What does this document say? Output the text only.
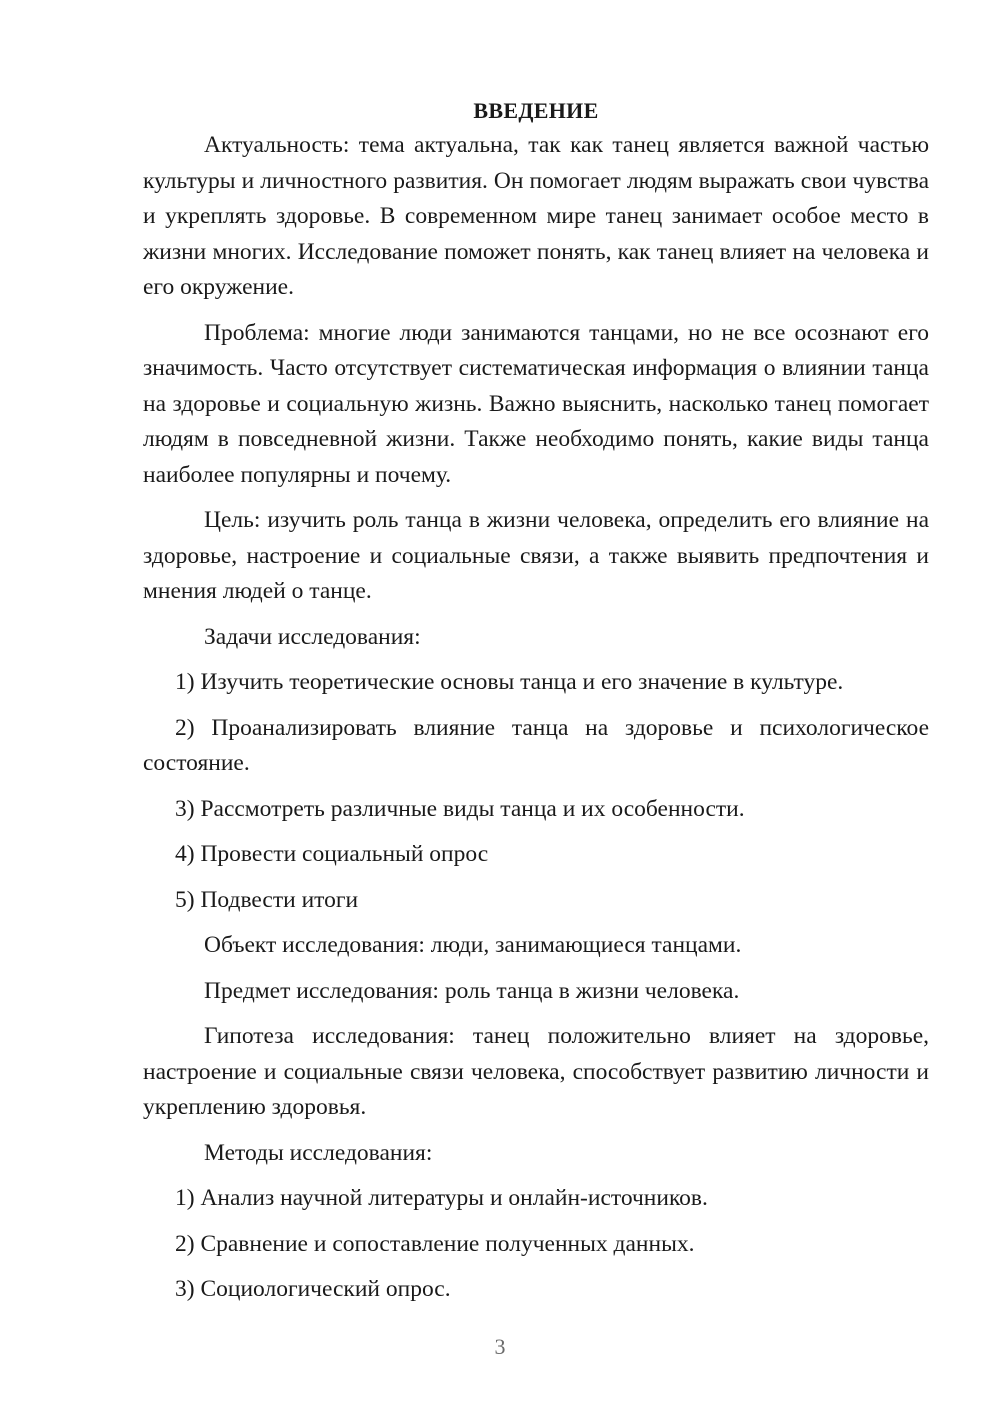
ВВЕДЕНИЕ

Актуальность: тема актуальна, так как танец является важной частью культуры и личностного развития. Он помогает людям выражать свои чувства и укреплять здоровье. В современном мире танец занимает особое место в жизни многих. Исследование поможет понять, как танец влияет на человека и его окружение.

Проблема: многие люди занимаются танцами, но не все осознают его значимость. Часто отсутствует систематическая информация о влиянии танца на здоровье и социальную жизнь. Важно выяснить, насколько танец помогает людям в повседневной жизни. Также необходимо понять, какие виды танца наиболее популярны и почему.

Цель: изучить роль танца в жизни человека, определить его влияние на здоровье, настроение и социальные связи, а также выявить предпочтения и мнения людей о танце.

Задачи исследования:

1) Изучить теоретические основы танца и его значение в культуре.

2) Проанализировать влияние танца на здоровье и психологическое состояние.

3) Рассмотреть различные виды танца и их особенности.

4) Провести социальный опрос

5) Подвести итоги

Объект исследования: люди, занимающиеся танцами.

Предмет исследования: роль танца в жизни человека.

Гипотеза исследования: танец положительно влияет на здоровье, настроение и социальные связи человека, способствует развитию личности и укреплению здоровья.

Методы исследования:

1) Анализ научной литературы и онлайн-источников.

2) Сравнение и сопоставление полученных данных.

3) Социологический опрос.

3
